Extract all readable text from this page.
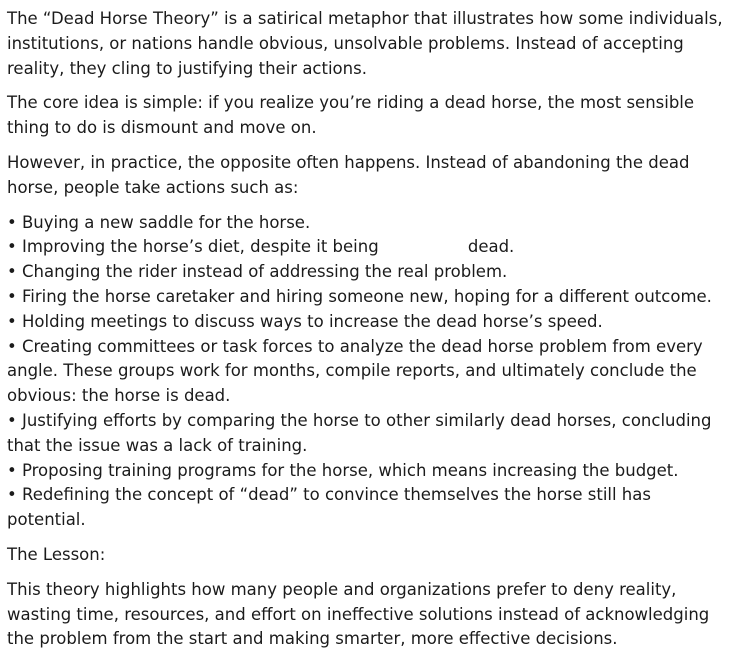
The “Dead Horse Theory” is a satirical metaphor that illustrates how some individuals, institutions, or nations handle obvious, unsolvable problems. Instead of accepting reality, they cling to justifying their actions.

The core idea is simple: if you realize you’re riding a dead horse, the most sensible thing to do is dismount and move on.

However, in practice, the opposite often happens. Instead of abandoning the dead horse, people take actions such as:

• Buying a new saddle for the horse.
• Improving the horse’s diet, despite it being                 dead.
• Changing the rider instead of addressing the real problem.
• Firing the horse caretaker and hiring someone new, hoping for a different outcome.
• Holding meetings to discuss ways to increase the dead horse’s speed.
• Creating committees or task forces to analyze the dead horse problem from every angle. These groups work for months, compile reports, and ultimately conclude the obvious: the horse is dead.
• Justifying efforts by comparing the horse to other similarly dead horses, concluding that the issue was a lack of training.
• Proposing training programs for the horse, which means increasing the budget.
• Redefining the concept of “dead” to convince themselves the horse still has potential.

The Lesson:

This theory highlights how many people and organizations prefer to deny reality, wasting time, resources, and effort on ineffective solutions instead of acknowledging the problem from the start and making smarter, more effective decisions.
